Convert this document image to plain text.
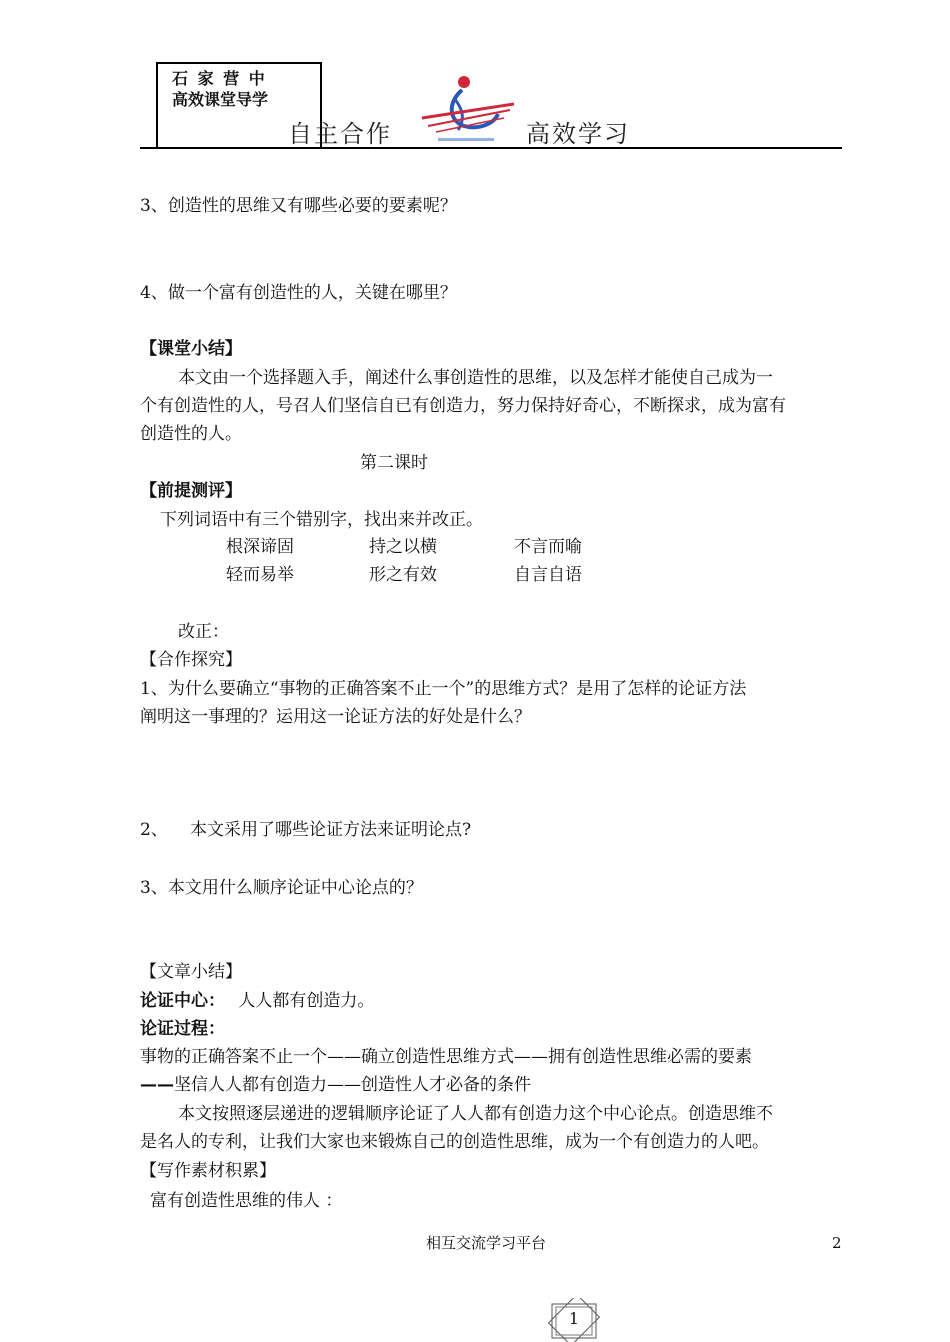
石 家 营 中
高效课堂导学
自主合作	高效学习
3、创造性的思维又有哪些必要的要素呢？
4、做一个富有创造性的人，关键在哪里？
【课堂小结】
本文由一个选择题入手，阐述什么事创造性的思维，以及怎样才能使自己成为一
个有创造性的人，号召人们坚信自已有创造力，努力保持好奇心，不断探求，成为富有
创造性的人。
第二课时
【前提测评】
下列词语中有三个错别字，找出来并改正。
根深谛固	持之以横	不言而喻
轻而易举	形之有效	自言自语
改正：
【合作探究】
1、为什么要确立“事物的正确答案不止一个”的思维方式？是用了怎样的论证方法
阐明这一事理的？运用这一论证方法的好处是什么？
2、 本文采用了哪些论证方法来证明论点?
3、本文用什么顺序论证中心论点的？
【文章小结】
论证中心： 人人都有创造力。
论证过程：
事物的正确答案不止一个——确立创造性思维方式——拥有创造性思维必需的要素
——坚信人人都有创造力——创造性人才必备的条件
本文按照逐层递进的逻辑顺序论证了人人都有创造力这个中心论点。创造思维不
是名人的专利，让我们大家也来锻炼自己的创造性思维，成为一个有创造力的人吧。
【写作素材积累】
富有创造性思维的伟人 ：
相互交流学习平台	2
1
